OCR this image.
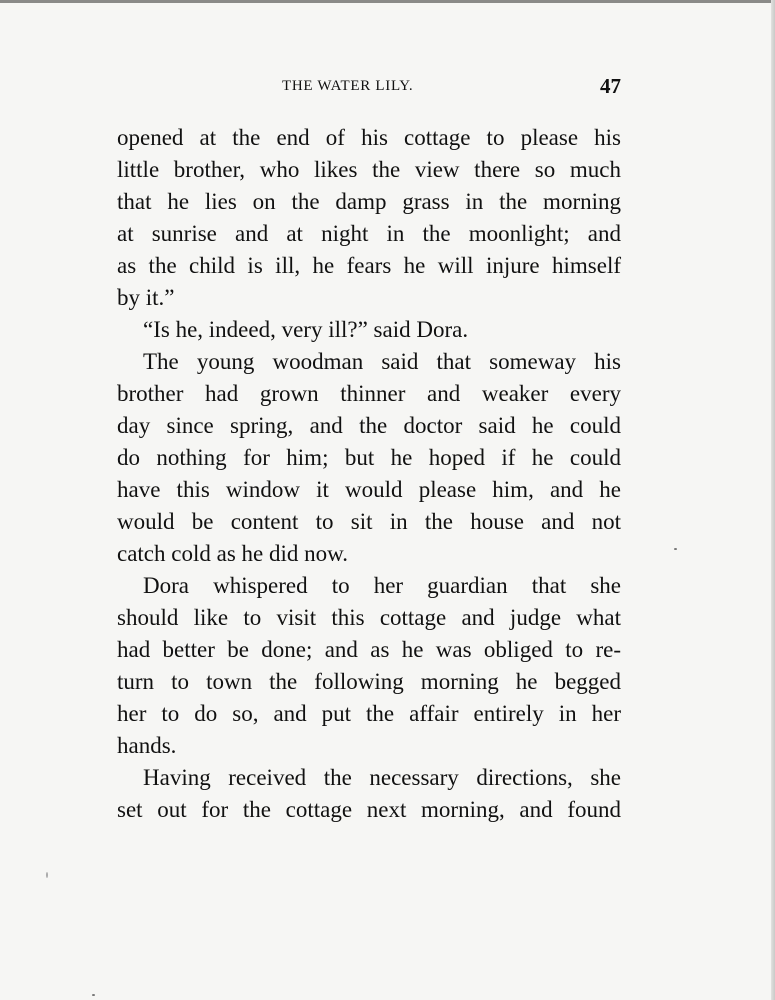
THE WATER LILY.	47
opened at the end of his cottage to please his
little brother, who likes the view there so much
that he lies on the damp grass in the morning
at sunrise and at night in the moonlight; and
as the child is ill, he fears he will injure himself
by it.”
“Is he, indeed, very ill?” said Dora.
The young woodman said that someway his
brother had grown thinner and weaker every
day since spring, and the doctor said he could
do nothing for him; but he hoped if he could
have this window it would please him, and he
would be content to sit in the house and not
catch cold as he did now.
Dora whispered to her guardian that she
should like to visit this cottage and judge what
had better be done; and as he was obliged to re-
turn to town the following morning he begged
her to do so, and put the affair entirely in her
hands.
Having received the necessary directions, she
set out for the cottage next morning, and found
